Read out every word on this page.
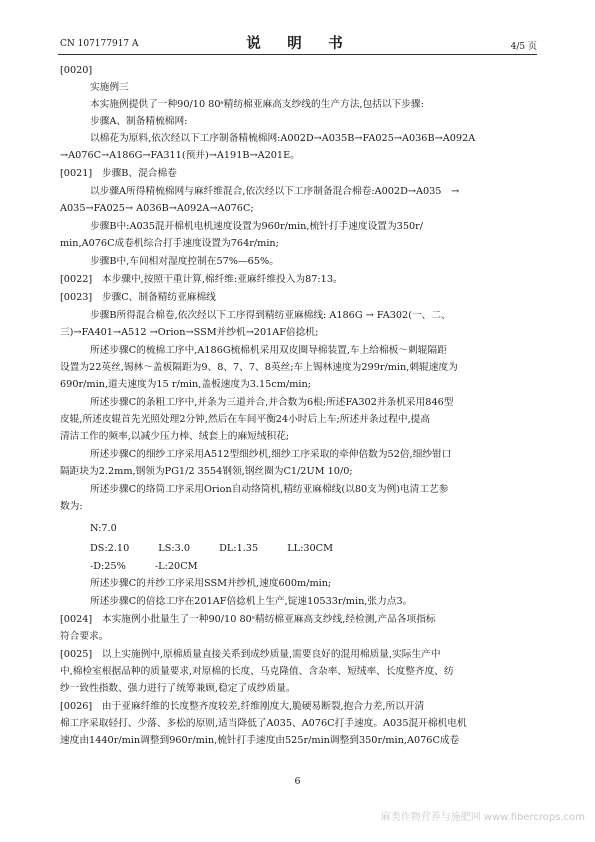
CN 107177917 A	说　明　书	4/5 页
[0020]
实施例三
本实施例提供了一种90/10 80ˢ精纺棉亚麻高支纱线的生产方法,包括以下步骤:
步骤A、制备精梳棉网:
以棉花为原料,依次经以下工序制备精梳棉网:A002D→A035B→FA025→A036B→A092A
→A076C→A186G→FA311(预并)→A191B→A201E。
[0021]　步骤B、混合棉卷
以步骤A所得精梳棉网与麻纤维混合,依次经以下工序制备混合棉卷:A002D→A035　→
A035→FA025→ A036B→A092A→A076C;
步骤B中:A035混开棉机电机速度设置为960r/min,梳针打手速度设置为350r/
min,A076C成卷机综合打手速度设置为764r/min;
步骤B中,车间相对湿度控制在57%—65%。
[0022]　本步骤中,按照干重计算,棉纤维:亚麻纤维投入为87:13。
[0023]　步骤C、制备精纺亚麻棉线
步骤B所得混合棉卷,依次经以下工序得到精纺亚麻棉线: A186G → FA302(一、二、
三)→FA401→A512 →Orion→SSM并纱机→201AF倍捻机;
所述步骤C的梳棉工序中,A186G梳棉机采用双皮圈导棉装置,车上给棉板～刺辊隔距
设置为22英丝,锡林～盖板隔距为9、8、7、7、8英丝;车上锡林速度为299r/min,刺辊速度为
690r/min,道夫速度为15 r/min,盖板速度为3.15cm/min;
所述步骤C的条粗工序中,并条为三道并合,并合数为6根;所述FA302并条机采用846型
皮辊,所述皮辊首先光照处理2分钟,然后在车间平衡24小时后上车;所述并条过程中,提高
清洁工作的频率,以减少压力棒、绒套上的麻短绒积花;
所述步骤C的细纱工序采用A512型细纱机,细纱工序采取的牵伸倍数为52倍,细纱钳口
隔距块为2.2mm,钢领为PG1/2 3554钢领,钢丝圈为C1/2UM 10/0;
所述步骤C的络筒工序采用Orion自动络筒机,精纺亚麻棉线(以80支为例)电清工艺参
数为:
N:7.0
DS:2.10　　　LS:3.0　　　DL:1.35　　　LL:30CM
-D:25%　　　-L:20CM
所述步骤C的并纱工序采用SSM并纱机,速度600m/min;
所述步骤C的倍捻工序在201AF倍捻机上生产,锭速10533r/min,张力点3。
[0024]　本实施例小批量生了一种90/10 80ˢ精纺棉亚麻高支纱线,经检测,产品各项指标
符合要求。
[0025]　以上实施例中,原棉质量直接关系到成纱质量,需要良好的混用棉质量,实际生产中
中,棉检室根据品种的质量要求,对原棉的长度、马克隆值、含杂率、短绒率、长度整齐度、纺
纱一致性指数、强力进行了统筹兼顾,稳定了成纱质量。
[0026]　由于亚麻纤维的长度整齐度较差,纤维刚度大,脆硬易断裂,抱合力差,所以开清
棉工序采取轻打、少落、多松的原则,适当降低了A035、A076C打手速度。A035混开棉机电机
速度由1440r/min调整到960r/min,梳针打手速度由525r/min调整到350r/min,A076C成卷
6
麻类作物营养与施肥网 www.fibercrops.com
